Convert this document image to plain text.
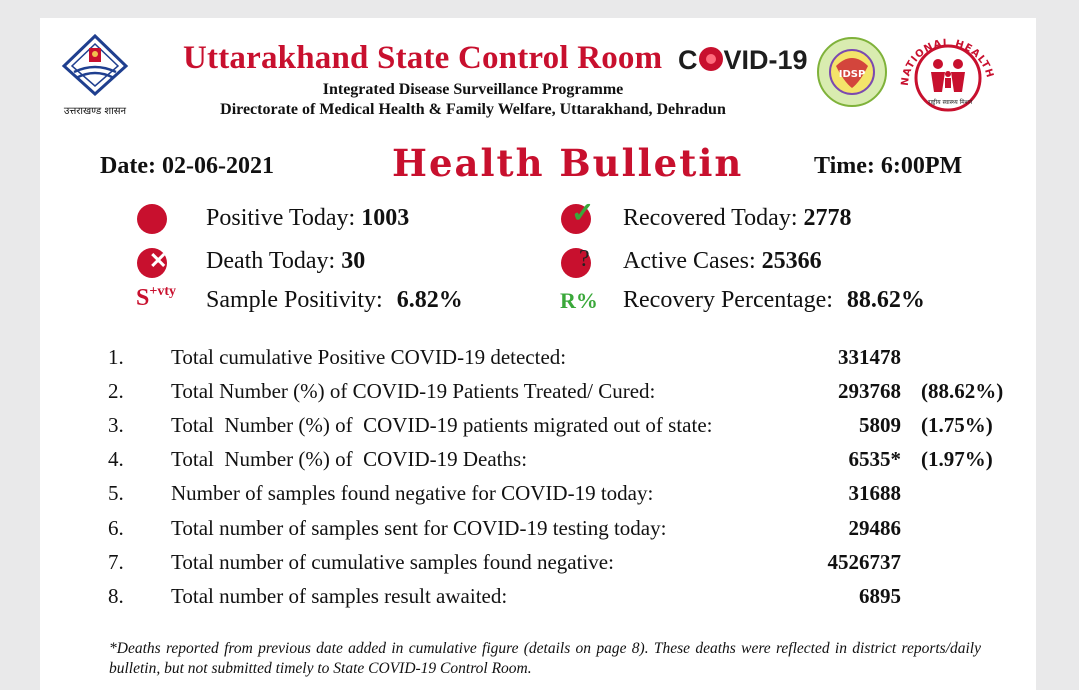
उत्तराखण्ड शासन
Uttarakhand State Control Room C VID-19	IDSP
NATIONAL HEALTH
राष्ट्रीय स्वास्थ्य मिशन
Integrated Disease Surveillance Programme
Directorate of Medical Health & Family Welfare, Uttarakhand, Dehradun
Date: 02-06-2021	Health Bulletin	Time: 6:00PM
Positive Today: 1003 ✓	Recovered Today: 2778
✕
Death Today: 30 ?	Active Cases: 25366
$S^{+vty}$ Sample Positivity: 6.82%	R% Recovery Percentage: 88.62%
1.	Total cumulative Positive COVID-19 detected:	331478	
2.	Total Number (%) of COVID-19 Patients Treated/ Cured:	293768	(88.62%)
3.	Total  Number (%) of  COVID-19 patients migrated out of state:	5809	(1.75%)
4.	Total  Number (%) of  COVID-19 Deaths:	6535*	(1.97%)
5.	Number of samples found negative for COVID-19 today:	31688	
6.	Total number of samples sent for COVID-19 testing today:	29486	
7.	Total number of cumulative samples found negative:	4526737	
8.	Total number of samples result awaited:	6895	
*Deaths reported from previous date added in cumulative figure (details on page 8). These deaths were reflected in district reports/daily bulletin, but not submitted timely to State COVID-19 Control Room.
